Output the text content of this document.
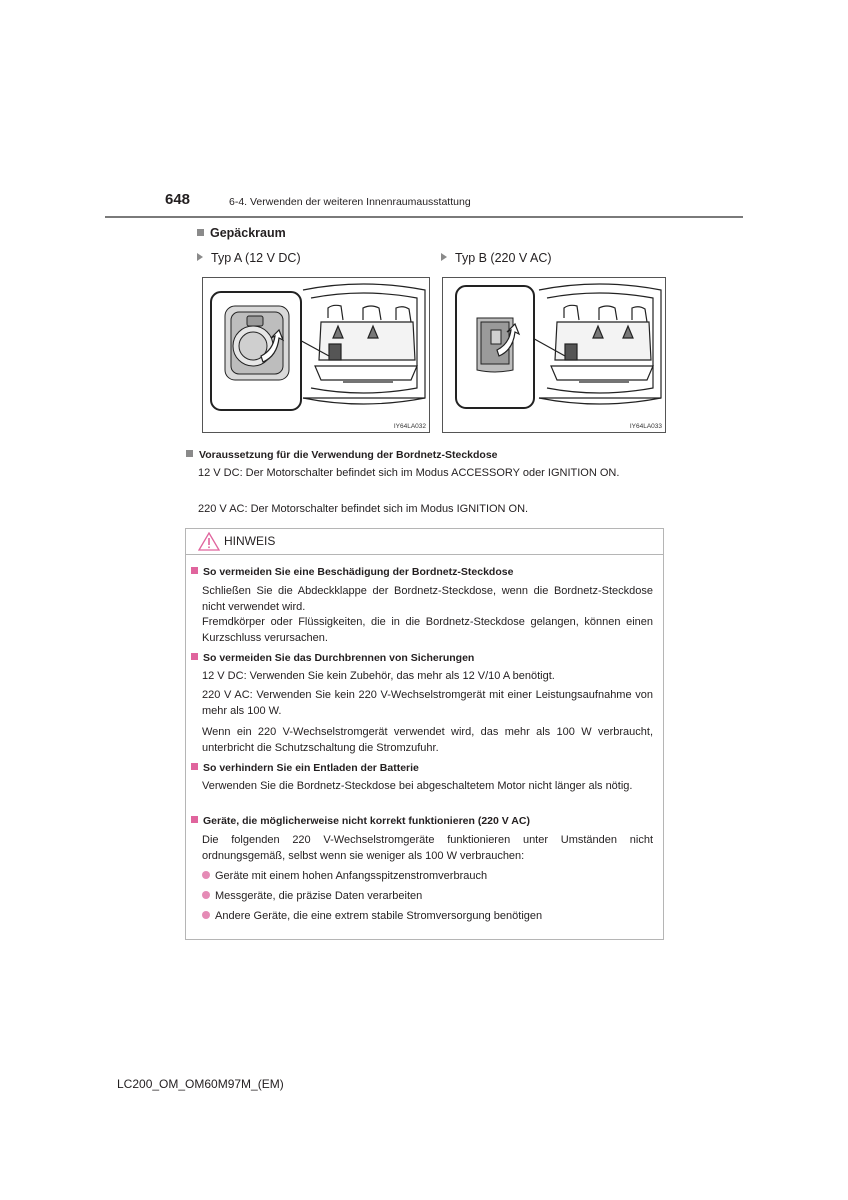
648	6-4. Verwenden der weiteren Innenraumausstattung
Gepäckraum
Typ A (12 V DC)	Typ B (220 V AC)
IY64LA032	IY64LA033
Voraussetzung für die Verwendung der Bordnetz-Steckdose
12 V DC: Der Motorschalter befindet sich im Modus ACCESSORY oder IGNITION ON.
220 V AC: Der Motorschalter befindet sich im Modus IGNITION ON.
HINWEIS
So vermeiden Sie eine Beschädigung der Bordnetz-Steckdose
Schließen Sie die Abdeckklappe der Bordnetz-Steckdose, wenn die Bordnetz-Steckdose nicht verwendet wird.
Fremdkörper oder Flüssigkeiten, die in die Bordnetz-Steckdose gelangen, können einen Kurzschluss verursachen.
So vermeiden Sie das Durchbrennen von Sicherungen
12 V DC: Verwenden Sie kein Zubehör, das mehr als 12 V/10 A benötigt.
220 V AC: Verwenden Sie kein 220 V-Wechselstromgerät mit einer Leistungsaufnahme von mehr als 100 W.
Wenn ein 220 V-Wechselstromgerät verwendet wird, das mehr als 100 W verbraucht, unterbricht die Schutzschaltung die Stromzufuhr.
So verhindern Sie ein Entladen der Batterie
Verwenden Sie die Bordnetz-Steckdose bei abgeschaltetem Motor nicht länger als nötig.
Geräte, die möglicherweise nicht korrekt funktionieren (220 V AC)
Die folgenden 220 V-Wechselstromgeräte funktionieren unter Umständen nicht ordnungsgemäß, selbst wenn sie weniger als 100 W verbrauchen:
Geräte mit einem hohen Anfangsspitzenstromverbrauch
Messgeräte, die präzise Daten verarbeiten
Andere Geräte, die eine extrem stabile Stromversorgung benötigen
LC200_OM_OM60M97M_(EM)
